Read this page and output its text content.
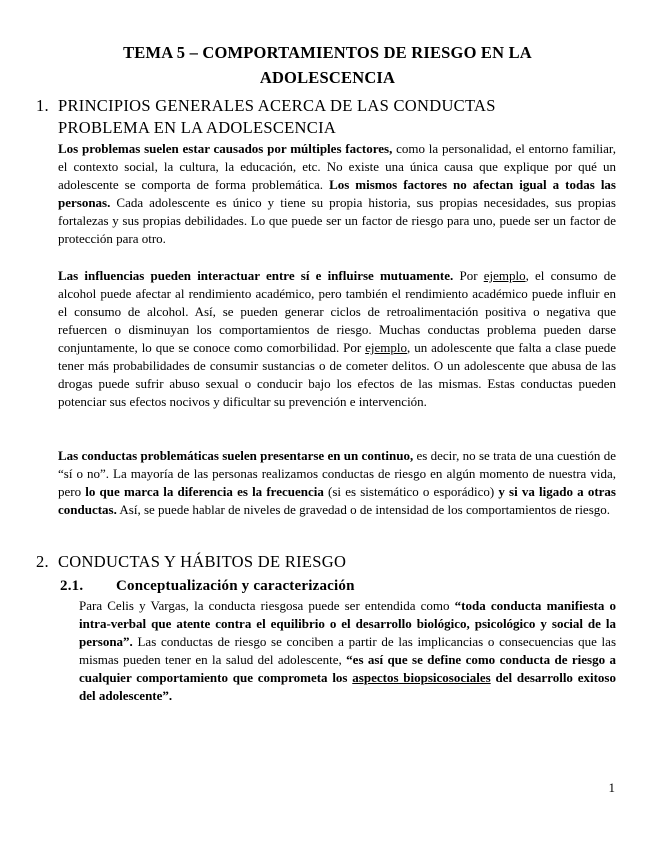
TEMA 5 – COMPORTAMIENTOS DE RIESGO EN LA
ADOLESCENCIA
1. PRINCIPIOS GENERALES ACERCA DE LAS CONDUCTAS
PROBLEMA EN LA ADOLESCENCIA
Los problemas suelen estar causados por múltiples factores, como la personalidad, el entorno familiar, el contexto social, la cultura, la educación, etc. No existe una única causa que explique por qué un adolescente se comporta de forma problemática. Los mismos factores no afectan igual a todas las personas. Cada adolescente es único y tiene su propia historia, sus propias necesidades, sus propias fortalezas y sus propias debilidades. Lo que puede ser un factor de riesgo para uno, puede ser un factor de protección para otro.
Las influencias pueden interactuar entre sí e influirse mutuamente. Por ejemplo, el consumo de alcohol puede afectar al rendimiento académico, pero también el rendimiento académico puede influir en el consumo de alcohol. Así, se pueden generar ciclos de retroalimentación positiva o negativa que refuercen o disminuyan los comportamientos de riesgo. Muchas conductas problema pueden darse conjuntamente, lo que se conoce como comorbilidad. Por ejemplo, un adolescente que falta a clase puede tener más probabilidades de consumir sustancias o de cometer delitos. O un adolescente que abusa de las drogas puede sufrir abuso sexual o conducir bajo los efectos de las mismas. Estas conductas pueden potenciar sus efectos nocivos y dificultar su prevención e intervención.
Las conductas problemáticas suelen presentarse en un continuo, es decir, no se trata de una cuestión de “sí o no”. La mayoría de las personas realizamos conductas de riesgo en algún momento de nuestra vida, pero lo que marca la diferencia es la frecuencia (si es sistemático o esporádico) y si va ligado a otras conductas. Así, se puede hablar de niveles de gravedad o de intensidad de los comportamientos de riesgo.
2. CONDUCTAS Y HÁBITOS DE RIESGO
2.1. Conceptualización y caracterización
Para Celis y Vargas, la conducta riesgosa puede ser entendida como “toda conducta manifiesta o intra-verbal que atente contra el equilibrio o el desarrollo biológico, psicológico y social de la persona”. Las conductas de riesgo se conciben a partir de las implicancias o consecuencias que las mismas pueden tener en la salud del adolescente, “es así que se define como conducta de riesgo a cualquier comportamiento que comprometa los aspectos biopsicosociales del desarrollo exitoso del adolescente”.
1
